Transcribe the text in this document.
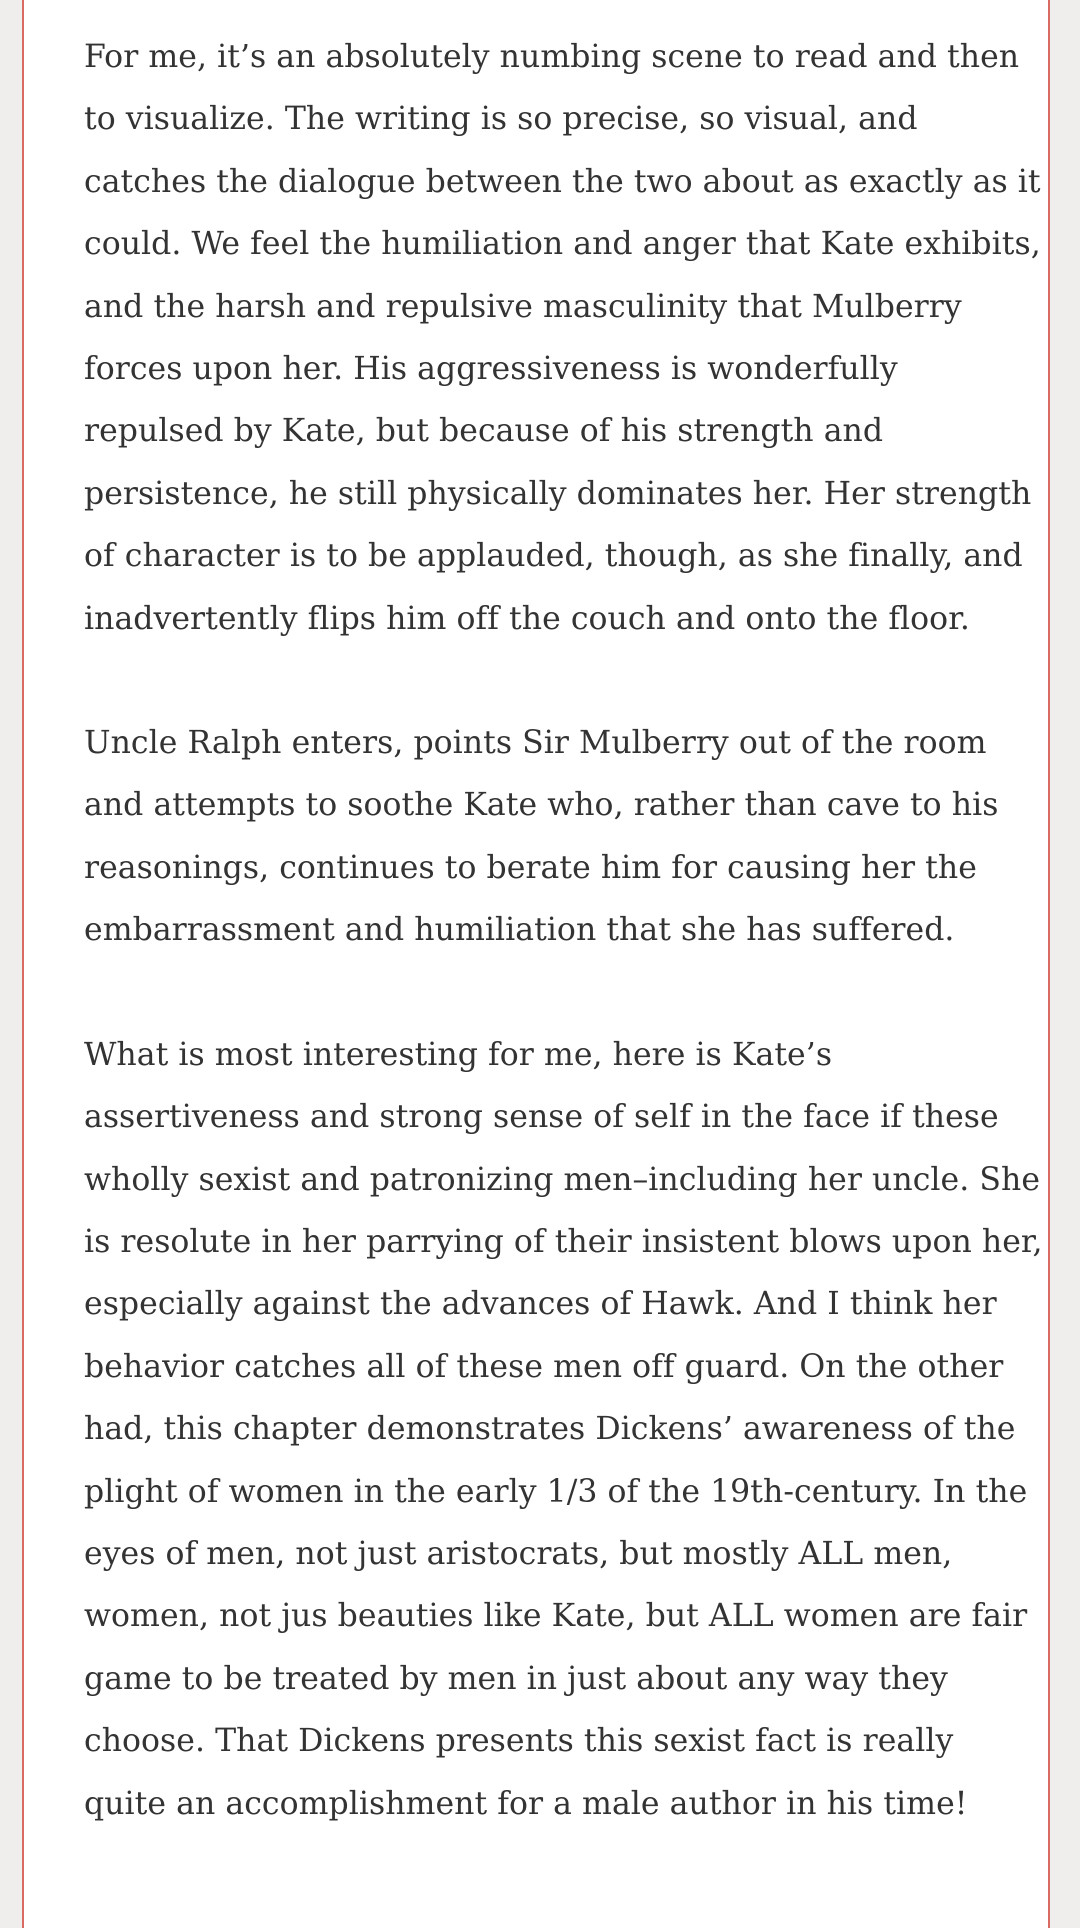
For me, it’s an absolutely numbing scene to read and then to visualize. The writing is so precise, so visual, and catches the dialogue between the two about as exactly as it could. We feel the humiliation and anger that Kate exhibits, and the harsh and repulsive masculinity that Mulberry forces upon her. His aggressiveness is wonderfully repulsed by Kate, but because of his strength and persistence, he still physically dominates her. Her strength of character is to be applauded, though, as she finally, and inadvertently flips him off the couch and onto the floor.

Uncle Ralph enters, points Sir Mulberry out of the room and attempts to soothe Kate who, rather than cave to his reasonings, continues to berate him for causing her the embarrassment and humiliation that she has suffered.

What is most interesting for me, here is Kate’s assertiveness and strong sense of self in the face if these wholly sexist and patronizing men–including her uncle. She is resolute in her parrying of their insistent blows upon her, especially against the advances of Hawk. And I think her behavior catches all of these men off guard. On the other had, this chapter demonstrates Dickens’ awareness of the plight of women in the early 1/3 of the 19th-century. In the eyes of men, not just aristocrats, but mostly ALL men, women, not jus beauties like Kate, but ALL women are fair game to be treated by men in just about any way they choose. That Dickens presents this sexist fact is really quite an accomplishment for a male author in his time!
